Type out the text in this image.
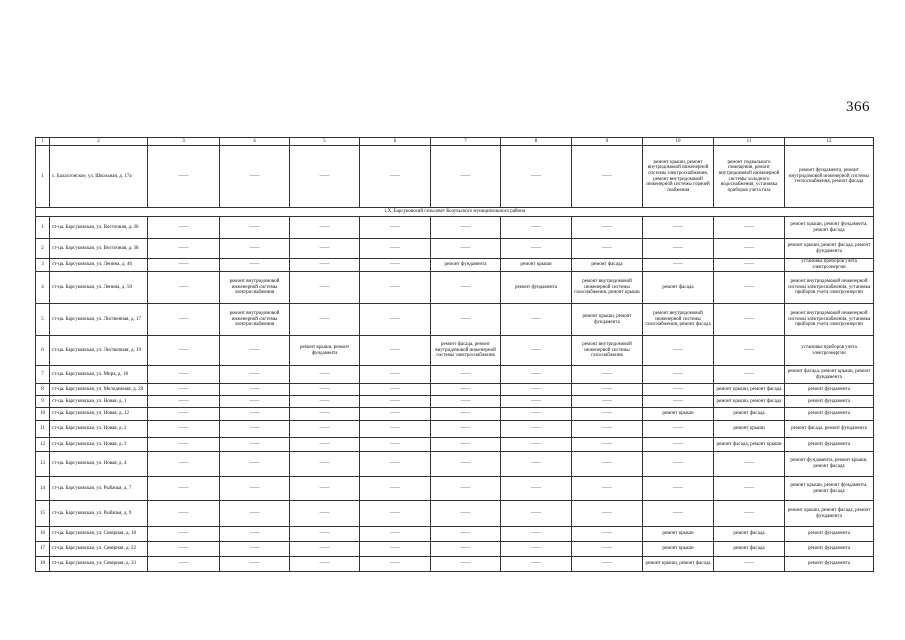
366
1	2	3	4	5	6	7	8	9	10	11	12
1	с. Балахтонское, ул. Школьная, д. 17а	——	——	——	——	——	——	——	ремонт крыши, ремонт внутридомовой инженерной системы электроснабжения, ремонт внутридомовой инженерной системы горячей снабжения	ремонт подвального помещения, ремонт внутридомовой инженерной системы холодного водоснабжения, установка приборов учета газа	ремонт фундамента, ремонт внутридомовой инженерной системы теплоснабжения, ремонт фасада
1.Х. Барсуковский сельсовет Козульского муниципального района											
1	ст-ца. Барсуковская, ул. Восточная, д. 36	——	——	——	——	——	——	——	——	——	ремонт крыши, ремонт фундамента, ремонт фасада
2	ст-ца. Барсуковская, ул. Восточная, д. 38	——	——	——	——	——	——	——	——	——	ремонт крыши, ремонт фасада, ремонт фундамента
3	ст-ца. Барсуковская, ул. Ленина, д. 46	——	——	——	——	ремонт фундамента	ремонт крыши	ремонт фасада	——	——	установка приборов учета электроэнергии
4	ст-ца. Барсуковская, ул. Ленина, д. 50	——	ремонт внутридомовой инженерной системы электроснабжения	——	——	——	ремонт фундамента	ремонт внутридомовой инженерной системы газоснабжения, ремонт крыши	ремонт фасада	——	ремонт внутридомовой инженерной системы электроснабжения, установка приборов учета электроэнергии
5	ст-ца. Барсуковская, ул. Лиственная, д. 17	——	ремонт внутридомовой инженерной системы электроснабжения	——	——	——	——	ремонт крыши, ремонт фундамента	ремонт внутридомовой инженерной системы газоснабжения, ремонт фасада	——	ремонт внутридомовой инженерной системы электроснабжения, установка приборов учета электроэнергии
6	ст-ца. Барсуковская, ул. Лиственная, д. 19	——	——	ремонт крыши, ремонт фундамента	——	ремонт фасада, ремонт внутридомовой инженерной системы электроснабжения	——	ремонт внутридомовой инженерной системы газоснабжения	——	——	установка приборов учета электроэнергии
7	ст-ца. Барсуковская, ул. Мира, д. 18	——	——	——	——	——	——	——	——	——	ремонт фасада, ремонт крыши, ремонт фундамента
8	ст-ца. Барсуковская, ул. Молодежная, д. 29	——	——	——	——	——	——	——	——	ремонт крыши, ремонт фасада	ремонт фундамента
9	ст-ца. Барсуковская, ул. Новая, д. 1	——	——	——	——	——	——	——	——	ремонт крыши, ремонт фасада	ремонт фундамента
10	ст-ца. Барсуковская, ул. Новая, д. 12	——	——	——	——	——	——	——	ремонт крыши	ремонт фасада	ремонт фундамента
11	ст-ца. Барсуковская, ул. Новая, д. 2	——	——	——	——	——	——	——	——	ремонт крыши	ремонт фасада, ремонт фундамента
12	ст-ца. Барсуковская, ул. Новая, д. 3	——	——	——	——	——	——	——	——	ремонт фасада, ремонт крыши	ремонт фундамента
13	ст-ца. Барсуковская, ул. Новая, д. 4	——	——	——	——	——	——	——	——	——	ремонт фундамента, ремонт крыши, ремонт фасада
14	ст-ца. Барсуковская, ул. Рыбачья, д. 7	——	——	——	——	——	——	——	——	——	ремонт крыши, ремонт фундамента, ремонт фасада
15	ст-ца. Барсуковская, ул. Рыбачья, д. 9	——	——	——	——	——	——	——	——	——	ремонт крыши, ремонт фасада, ремонт фундамента
16	ст-ца. Барсуковская, ул. Северная, д. 18	——	——	——	——	——	——	——	ремонт крыши	ремонт фасада	ремонт фундамента
17	ст-ца. Барсуковская, ул. Северная, д. 22	——	——	——	——	——	——	——	ремонт крыши	ремонт фасада	ремонт фундамента
18	ст-ца. Барсуковская, ул. Северная, д. 33	——	——	——	——	——	——	——	ремонт крыши, ремонт фасада	——	ремонт фундамента
